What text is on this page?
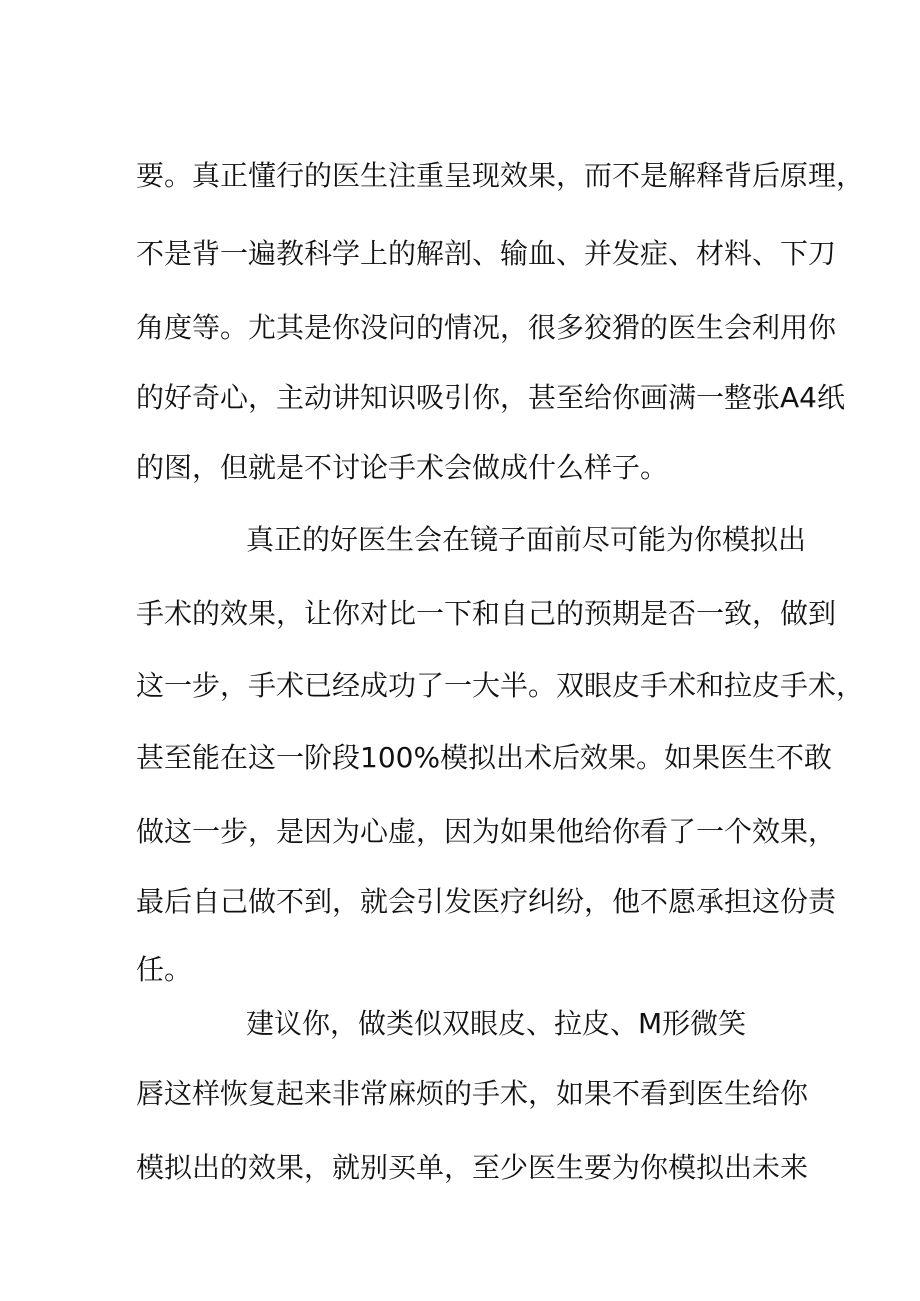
要。真正懂行的医生注重呈现效果，而不是解释背后原理，
不是背一遍教科学上的解剖、输血、并发症、材料、下刀
角度等。尤其是你没问的情况，很多狡猾的医生会利用你
的好奇心，主动讲知识吸引你，甚至给你画满一整张A4纸
的图，但就是不讨论手术会做成什么样子。
真正的好医生会在镜子面前尽可能为你模拟出
手术的效果，让你对比一下和自己的预期是否一致，做到
这一步，手术已经成功了一大半。双眼皮手术和拉皮手术，
甚至能在这一阶段100%模拟出术后效果。如果医生不敢
做这一步，是因为心虚，因为如果他给你看了一个效果，
最后自己做不到，就会引发医疗纠纷，他不愿承担这份责
任。
建议你，做类似双眼皮、拉皮、M形微笑
唇这样恢复起来非常麻烦的手术，如果不看到医生给你
模拟出的效果，就别买单，至少医生要为你模拟出未来
